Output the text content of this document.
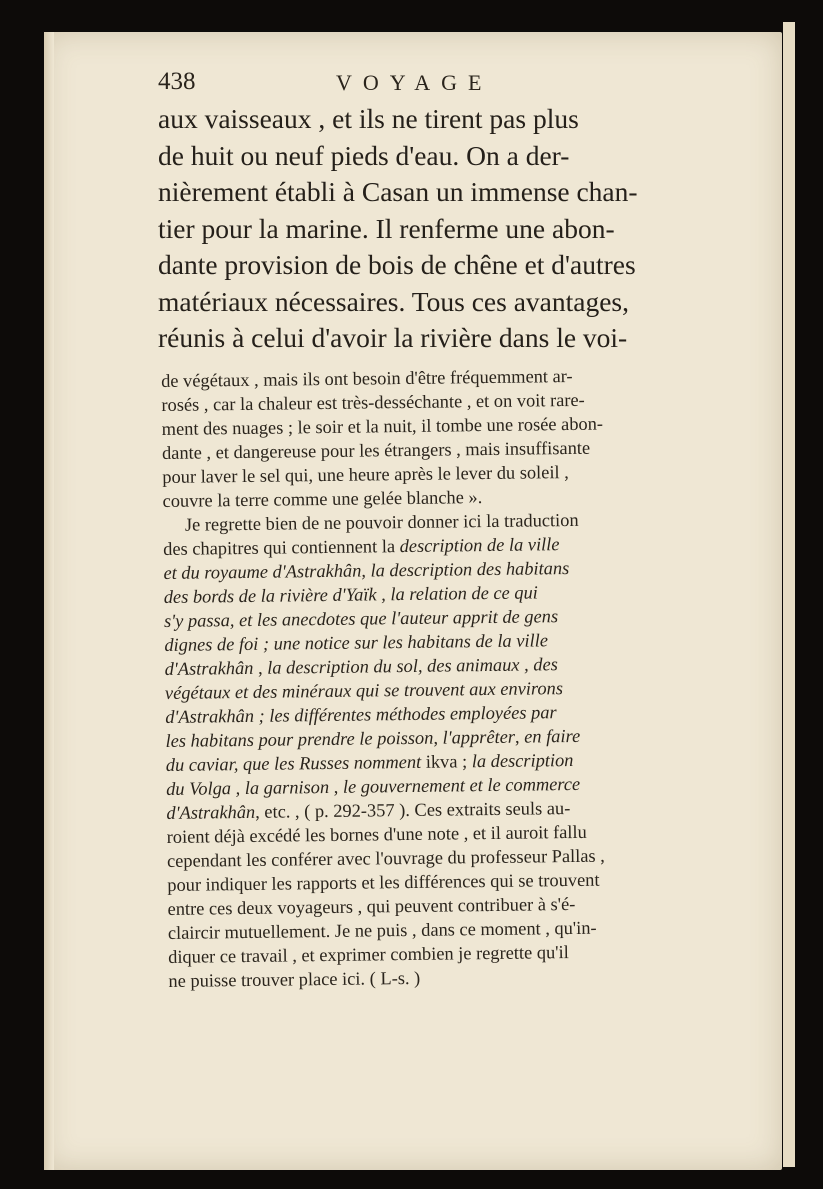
438	VOYAGE
aux vaisseaux , et ils ne tirent pas plus
de huit ou neuf pieds d'eau. On a der-
nièrement établi à Casan un immense chan-
tier pour la marine. Il renferme une abon-
dante provision de bois de chêne et d'autres
matériaux nécessaires. Tous ces avantages,
réunis à celui d'avoir la rivière dans le voi-
de végétaux , mais ils ont besoin d'être fréquemment ar-
rosés , car la chaleur est très-desséchante , et on voit rare-
ment des nuages ; le soir et la nuit, il tombe une rosée abon-
dante , et dangereuse pour les étrangers , mais insuffisante
pour laver le sel qui, une heure après le lever du soleil ,
couvre la terre comme une gelée blanche ».
Je regrette bien de ne pouvoir donner ici la traduction
des chapitres qui contiennent la description de la ville
et du royaume d'Astrakhân, la description des habitans
des bords de la rivière d'Yaïk , la relation de ce qui
s'y passa, et les anecdotes que l'auteur apprit de gens
dignes de foi ; une notice sur les habitans de la ville
d'Astrakhân , la description du sol, des animaux , des
végétaux et des minéraux qui se trouvent aux environs
d'Astrakhân ; les différentes méthodes employées par
les habitans pour prendre le poisson, l'apprêter, en faire
du caviar, que les Russes nomment ikva ; la description
du Volga , la garnison , le gouvernement et le commerce
d'Astrakhân, etc. , ( p. 292-357 ). Ces extraits seuls au-
roient déjà excédé les bornes d'une note , et il auroit fallu
cependant les conférer avec l'ouvrage du professeur Pallas ,
pour indiquer les rapports et les différences qui se trouvent
entre ces deux voyageurs , qui peuvent contribuer à s'é-
claircir mutuellement. Je ne puis , dans ce moment , qu'in-
diquer ce travail , et exprimer combien je regrette qu'il
ne puisse trouver place ici. ( L-s. )
